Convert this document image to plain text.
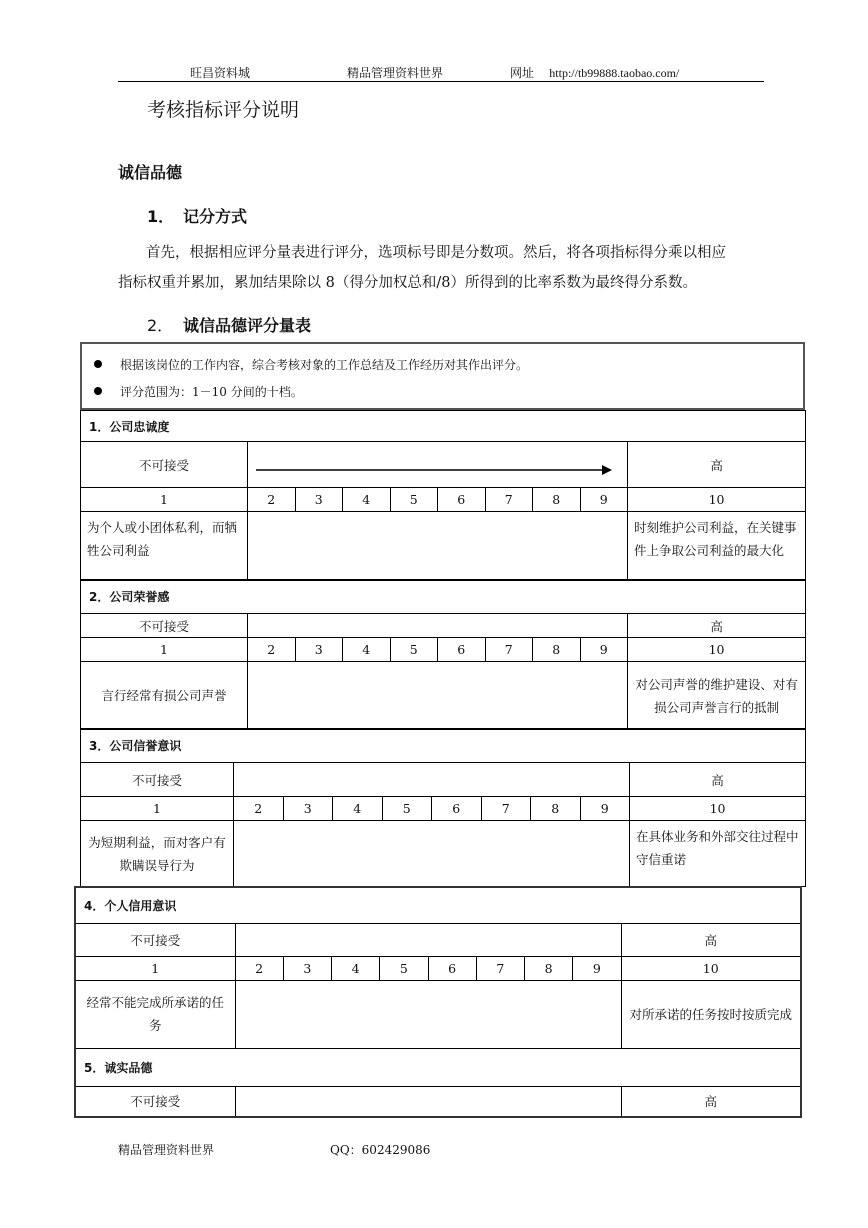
旺昌资料城	精品管理资料世界	网址 http://tb99888.taobao.com/
考核指标评分说明
诚信品德
1． 记分方式
首先，根据相应评分量表进行评分，选项标号即是分数项。然后，将各项指标得分乘以相应
指标权重并累加，累加结果除以 8（得分加权总和/8）所得到的比率系数为最终得分系数。
2． 诚信品德评分量表
根据该岗位的工作内容，综合考核对象的工作总结及工作经历对其作出评分。
评分范围为：1－10 分间的十档。
1．公司忠诚度									
不可接受									高
1	2	3	4	5	6	7	8	9	10
为个人或小团体私利，而牺牲公司利益									时刻维护公司利益，在关键事件上争取公司利益的最大化
2．公司荣誉感									
不可接受									高
1	2	3	4	5	6	7	8	9	10
言行经常有损公司声誉									对公司声誉的维护建设、对有损公司声誉言行的抵制
3．公司信誉意识									
不可接受									高
1	2	3	4	5	6	7	8	9	10
为短期利益，而对客户有欺瞒误导行为									在具体业务和外部交往过程中守信重诺
4．个人信用意识									
不可接受									高
1	2	3	4	5	6	7	8	9	10
经常不能完成所承诺的任务									对所承诺的任务按时按质完成
5．诚实品德									
不可接受									高
精品管理资料世界	QQ：602429086
